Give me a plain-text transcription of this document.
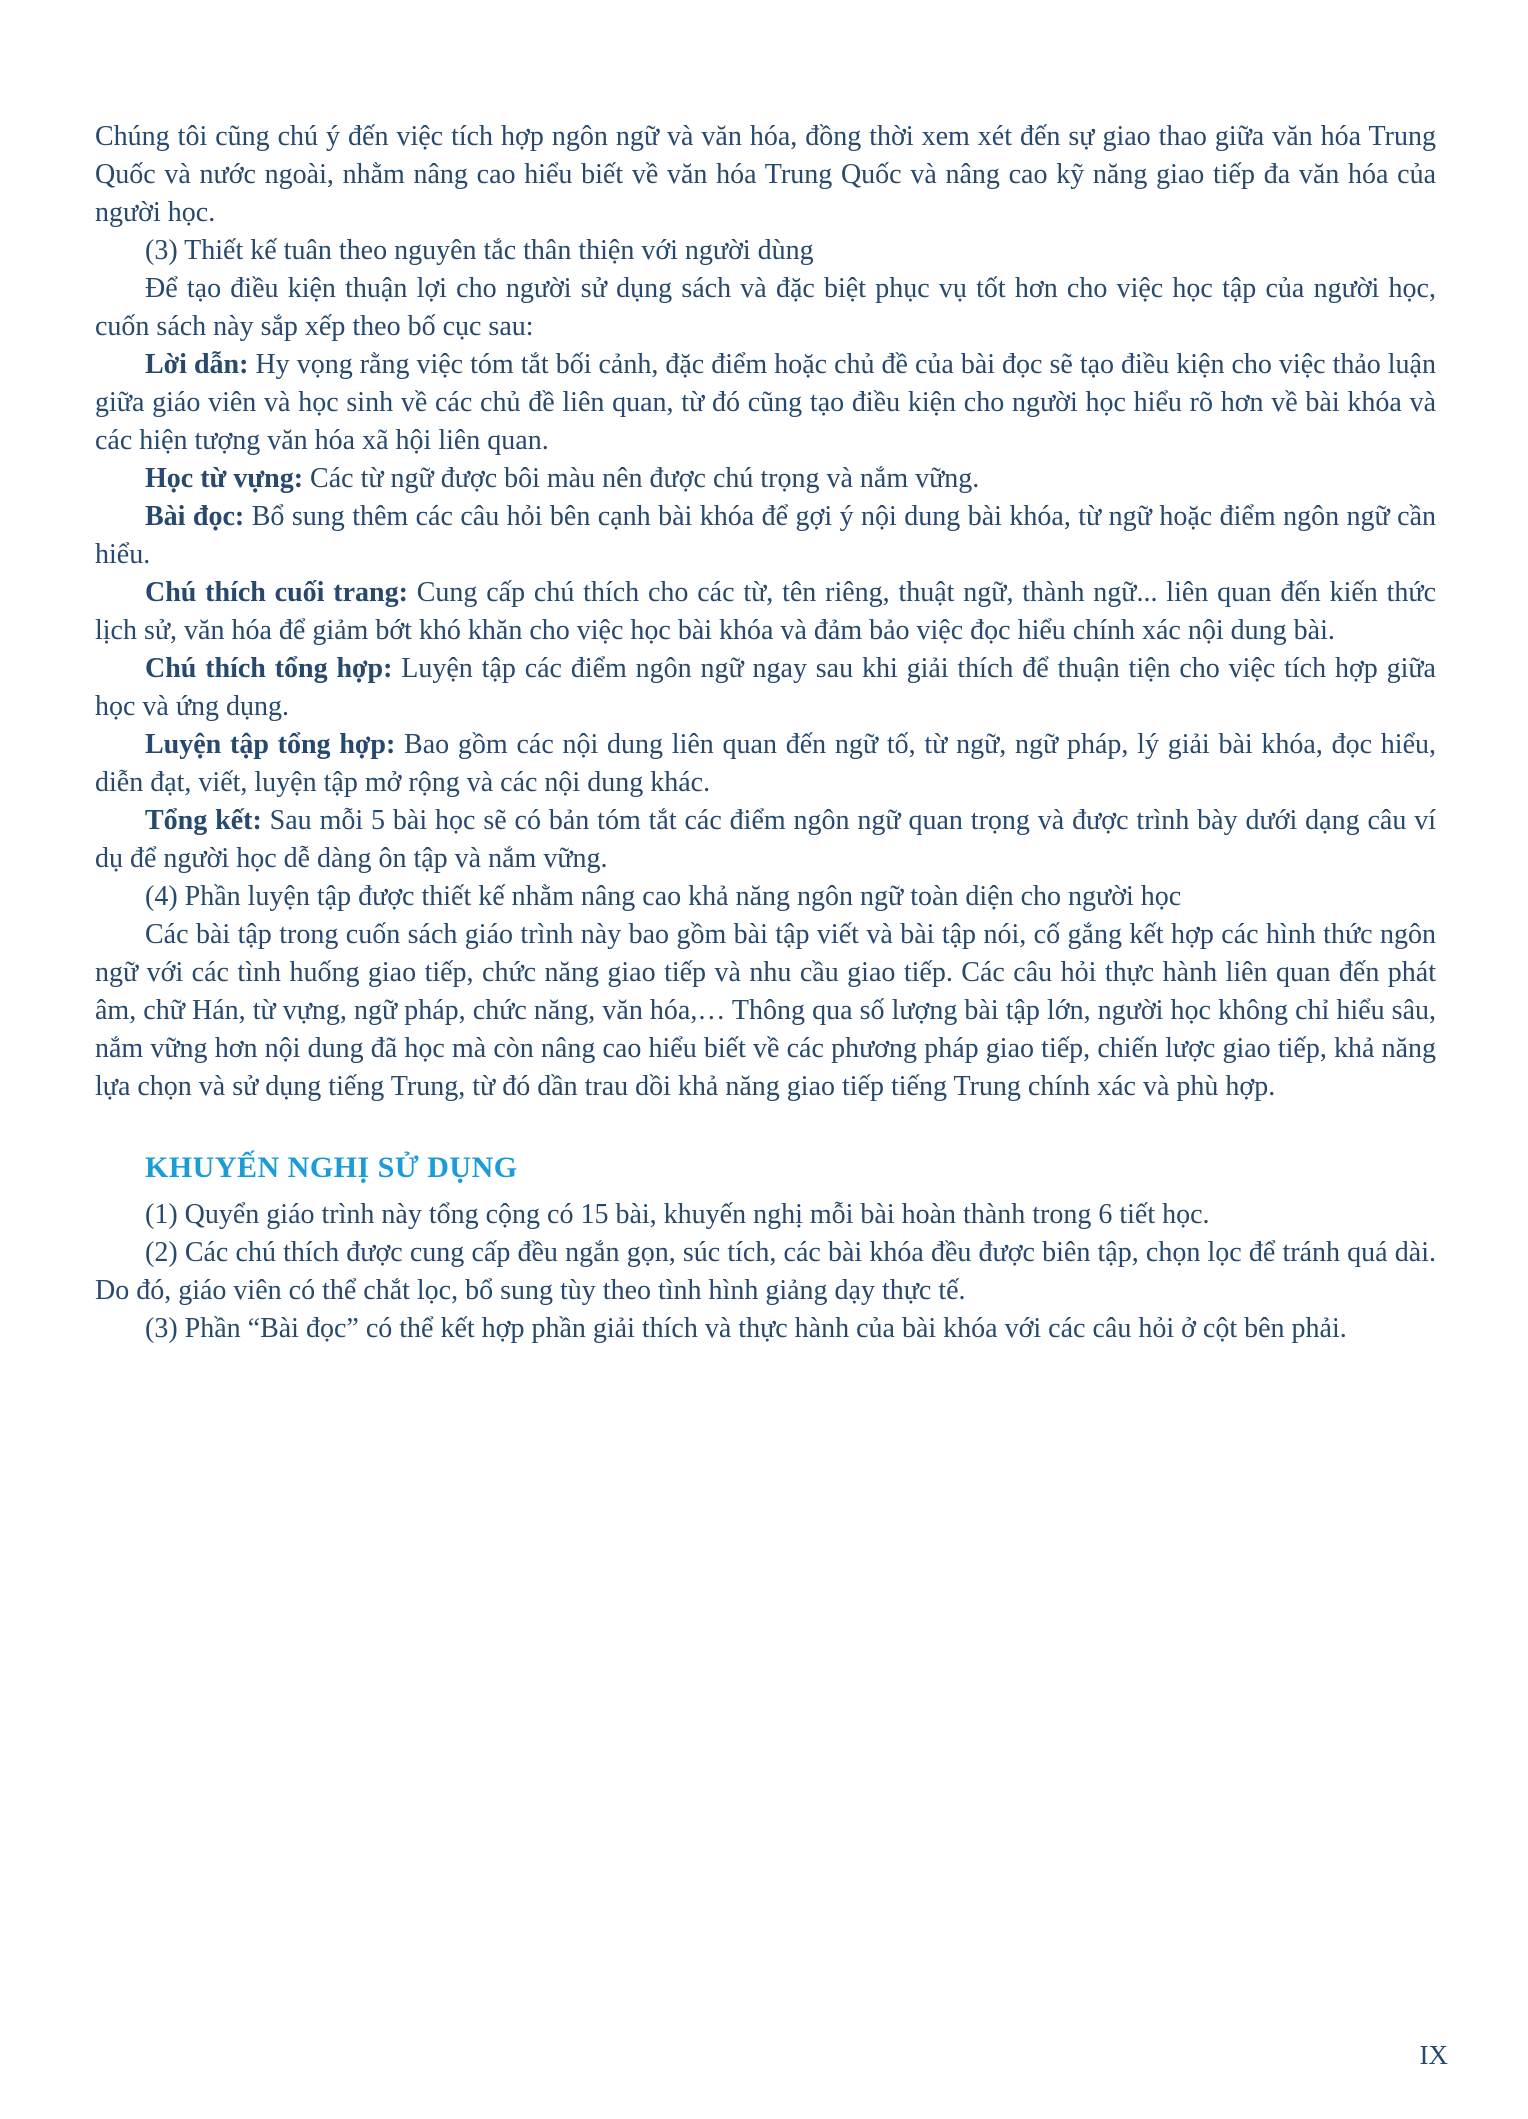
Chúng tôi cũng chú ý đến việc tích hợp ngôn ngữ và văn hóa, đồng thời xem xét đến sự giao thao giữa văn hóa Trung Quốc và nước ngoài, nhằm nâng cao hiểu biết về văn hóa Trung Quốc và nâng cao kỹ năng giao tiếp đa văn hóa của người học.

(3) Thiết kế tuân theo nguyên tắc thân thiện với người dùng

Để tạo điều kiện thuận lợi cho người sử dụng sách và đặc biệt phục vụ tốt hơn cho việc học tập của người học, cuốn sách này sắp xếp theo bố cục sau:

Lời dẫn: Hy vọng rằng việc tóm tắt bối cảnh, đặc điểm hoặc chủ đề của bài đọc sẽ tạo điều kiện cho việc thảo luận giữa giáo viên và học sinh về các chủ đề liên quan, từ đó cũng tạo điều kiện cho người học hiểu rõ hơn về bài khóa và các hiện tượng văn hóa xã hội liên quan.

Học từ vựng: Các từ ngữ được bôi màu nên được chú trọng và nắm vững.

Bài đọc: Bổ sung thêm các câu hỏi bên cạnh bài khóa để gợi ý nội dung bài khóa, từ ngữ hoặc điểm ngôn ngữ cần hiểu.

Chú thích cuối trang: Cung cấp chú thích cho các từ, tên riêng, thuật ngữ, thành ngữ... liên quan đến kiến thức lịch sử, văn hóa để giảm bớt khó khăn cho việc học bài khóa và đảm bảo việc đọc hiểu chính xác nội dung bài.

Chú thích tổng hợp: Luyện tập các điểm ngôn ngữ ngay sau khi giải thích để thuận tiện cho việc tích hợp giữa học và ứng dụng.

Luyện tập tổng hợp: Bao gồm các nội dung liên quan đến ngữ tố, từ ngữ, ngữ pháp, lý giải bài khóa, đọc hiểu, diễn đạt, viết, luyện tập mở rộng và các nội dung khác.

Tổng kết: Sau mỗi 5 bài học sẽ có bản tóm tắt các điểm ngôn ngữ quan trọng và được trình bày dưới dạng câu ví dụ để người học dễ dàng ôn tập và nắm vững.

(4) Phần luyện tập được thiết kế nhằm nâng cao khả năng ngôn ngữ toàn diện cho người học

Các bài tập trong cuốn sách giáo trình này bao gồm bài tập viết và bài tập nói, cố gắng kết hợp các hình thức ngôn ngữ với các tình huống giao tiếp, chức năng giao tiếp và nhu cầu giao tiếp. Các câu hỏi thực hành liên quan đến phát âm, chữ Hán, từ vựng, ngữ pháp, chức năng, văn hóa,… Thông qua số lượng bài tập lớn, người học không chỉ hiểu sâu, nắm vững hơn nội dung đã học mà còn nâng cao hiểu biết về các phương pháp giao tiếp, chiến lược giao tiếp, khả năng lựa chọn và sử dụng tiếng Trung, từ đó dần trau dồi khả năng giao tiếp tiếng Trung chính xác và phù hợp.

KHUYẾN NGHỊ SỬ DỤNG

(1) Quyển giáo trình này tổng cộng có 15 bài, khuyến nghị mỗi bài hoàn thành trong 6 tiết học.

(2) Các chú thích được cung cấp đều ngắn gọn, súc tích, các bài khóa đều được biên tập, chọn lọc để tránh quá dài. Do đó, giáo viên có thể chắt lọc, bổ sung tùy theo tình hình giảng dạy thực tế.

(3) Phần “Bài đọc” có thể kết hợp phần giải thích và thực hành của bài khóa với các câu hỏi ở cột bên phải.

IX
